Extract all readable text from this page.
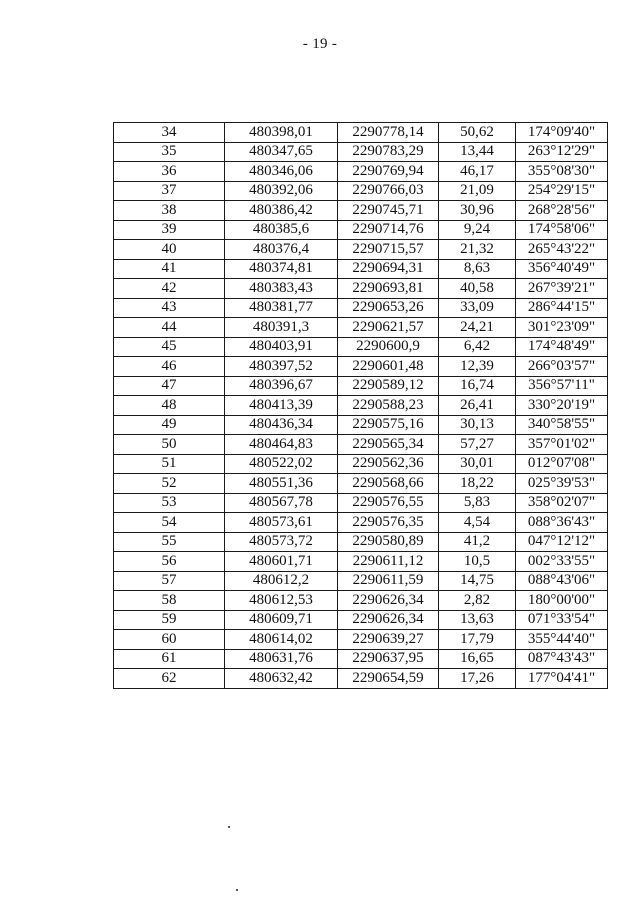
- 19 -
34	480398,01	2290778,14	50,62	174°09'40"
35	480347,65	2290783,29	13,44	263°12'29"
36	480346,06	2290769,94	46,17	355°08'30"
37	480392,06	2290766,03	21,09	254°29'15"
38	480386,42	2290745,71	30,96	268°28'56"
39	480385,6	2290714,76	9,24	174°58'06"
40	480376,4	2290715,57	21,32	265°43'22"
41	480374,81	2290694,31	8,63	356°40'49"
42	480383,43	2290693,81	40,58	267°39'21"
43	480381,77	2290653,26	33,09	286°44'15"
44	480391,3	2290621,57	24,21	301°23'09"
45	480403,91	2290600,9	6,42	174°48'49"
46	480397,52	2290601,48	12,39	266°03'57"
47	480396,67	2290589,12	16,74	356°57'11"
48	480413,39	2290588,23	26,41	330°20'19"
49	480436,34	2290575,16	30,13	340°58'55"
50	480464,83	2290565,34	57,27	357°01'02"
51	480522,02	2290562,36	30,01	012°07'08"
52	480551,36	2290568,66	18,22	025°39'53"
53	480567,78	2290576,55	5,83	358°02'07"
54	480573,61	2290576,35	4,54	088°36'43"
55	480573,72	2290580,89	41,2	047°12'12"
56	480601,71	2290611,12	10,5	002°33'55"
57	480612,2	2290611,59	14,75	088°43'06"
58	480612,53	2290626,34	2,82	180°00'00"
59	480609,71	2290626,34	13,63	071°33'54"
60	480614,02	2290639,27	17,79	355°44'40"
61	480631,76	2290637,95	16,65	087°43'43"
62	480632,42	2290654,59	17,26	177°04'41"
